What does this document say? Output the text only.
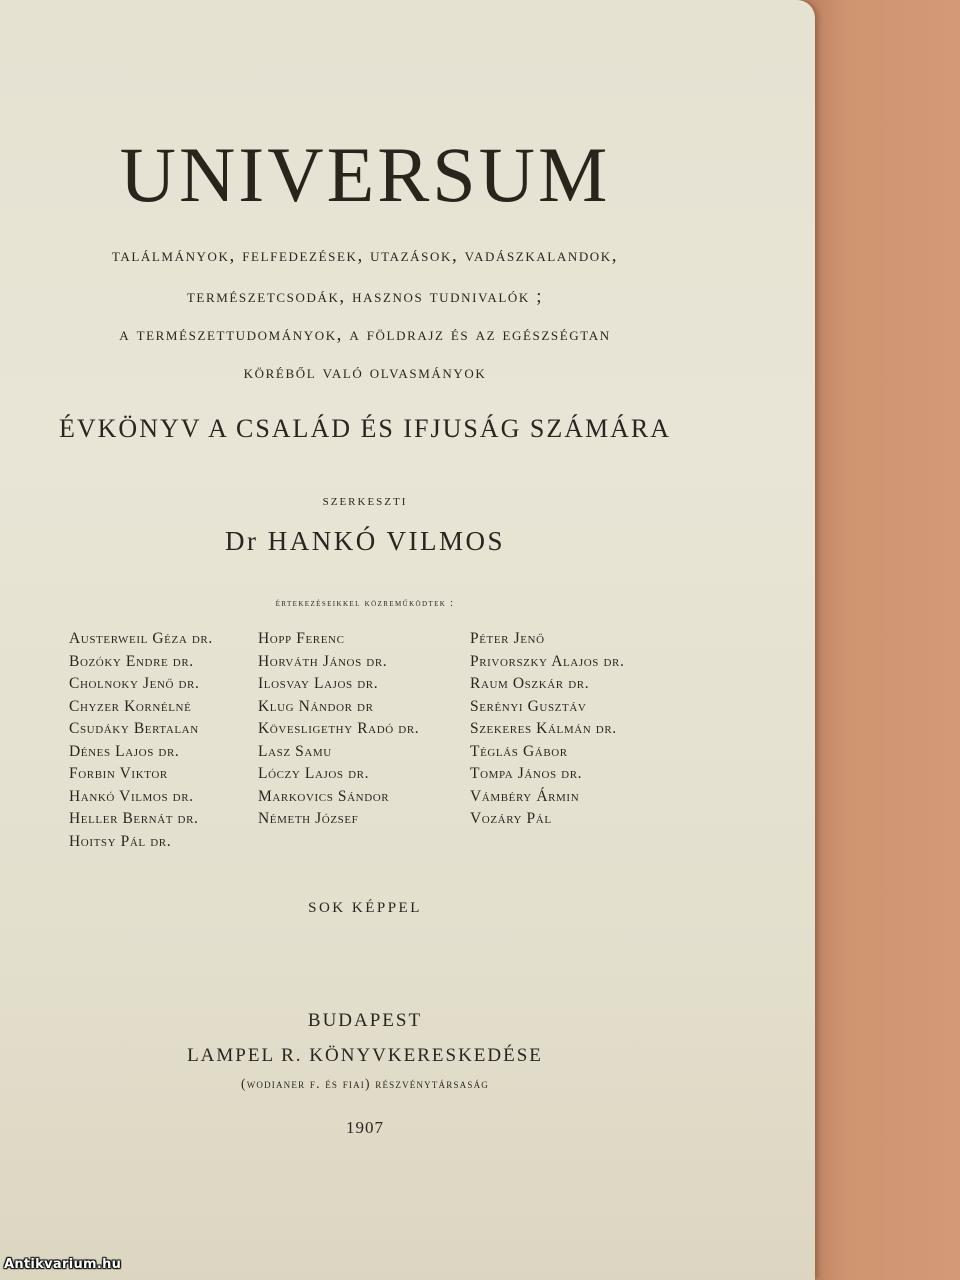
UNIVERSUM
találmányok, felfedezések, utazások, vadászkalandok,
természetcsodák, hasznos tudnivalók ;
a természettudományok, a földrajz és az egészségtan
köréből való olvasmányok
ÉVKÖNYV A CSALÁD ÉS IFJUSÁG SZÁMÁRA
SZERKESZTI
Dr HANKÓ VILMOS
értekezéseikkel közreműködtek :
Austerweil Géza dr.
Bozóky Endre dr.
Cholnoky Jenő dr.
Chyzer Kornélné
Csudáky Bertalan
Dénes Lajos dr.
Forbin Viktor
Hankó Vilmos dr.
Heller Bernát dr.
Hoitsy Pál dr.
Hopp Ferenc
Horváth János dr.
Ilosvay Lajos dr.
Klug Nándor dr
Kövesligethy Radó dr.
Lasz Samu
Lóczy Lajos dr.
Markovics Sándor
Németh József
Péter Jenő
Privorszky Alajos dr.
Raum Oszkár dr.
Serényi Gusztáv
Szekeres Kálmán dr.
Téglás Gábor
Tompa János dr.
Vámbéry Ármin
Vozáry Pál
SOK KÉPPEL
BUDAPEST
LAMPEL R. KÖNYVKERESKEDÉSE
(wodianer f. és fiai) részvénytársaság
1907
Antikvarium.hu
